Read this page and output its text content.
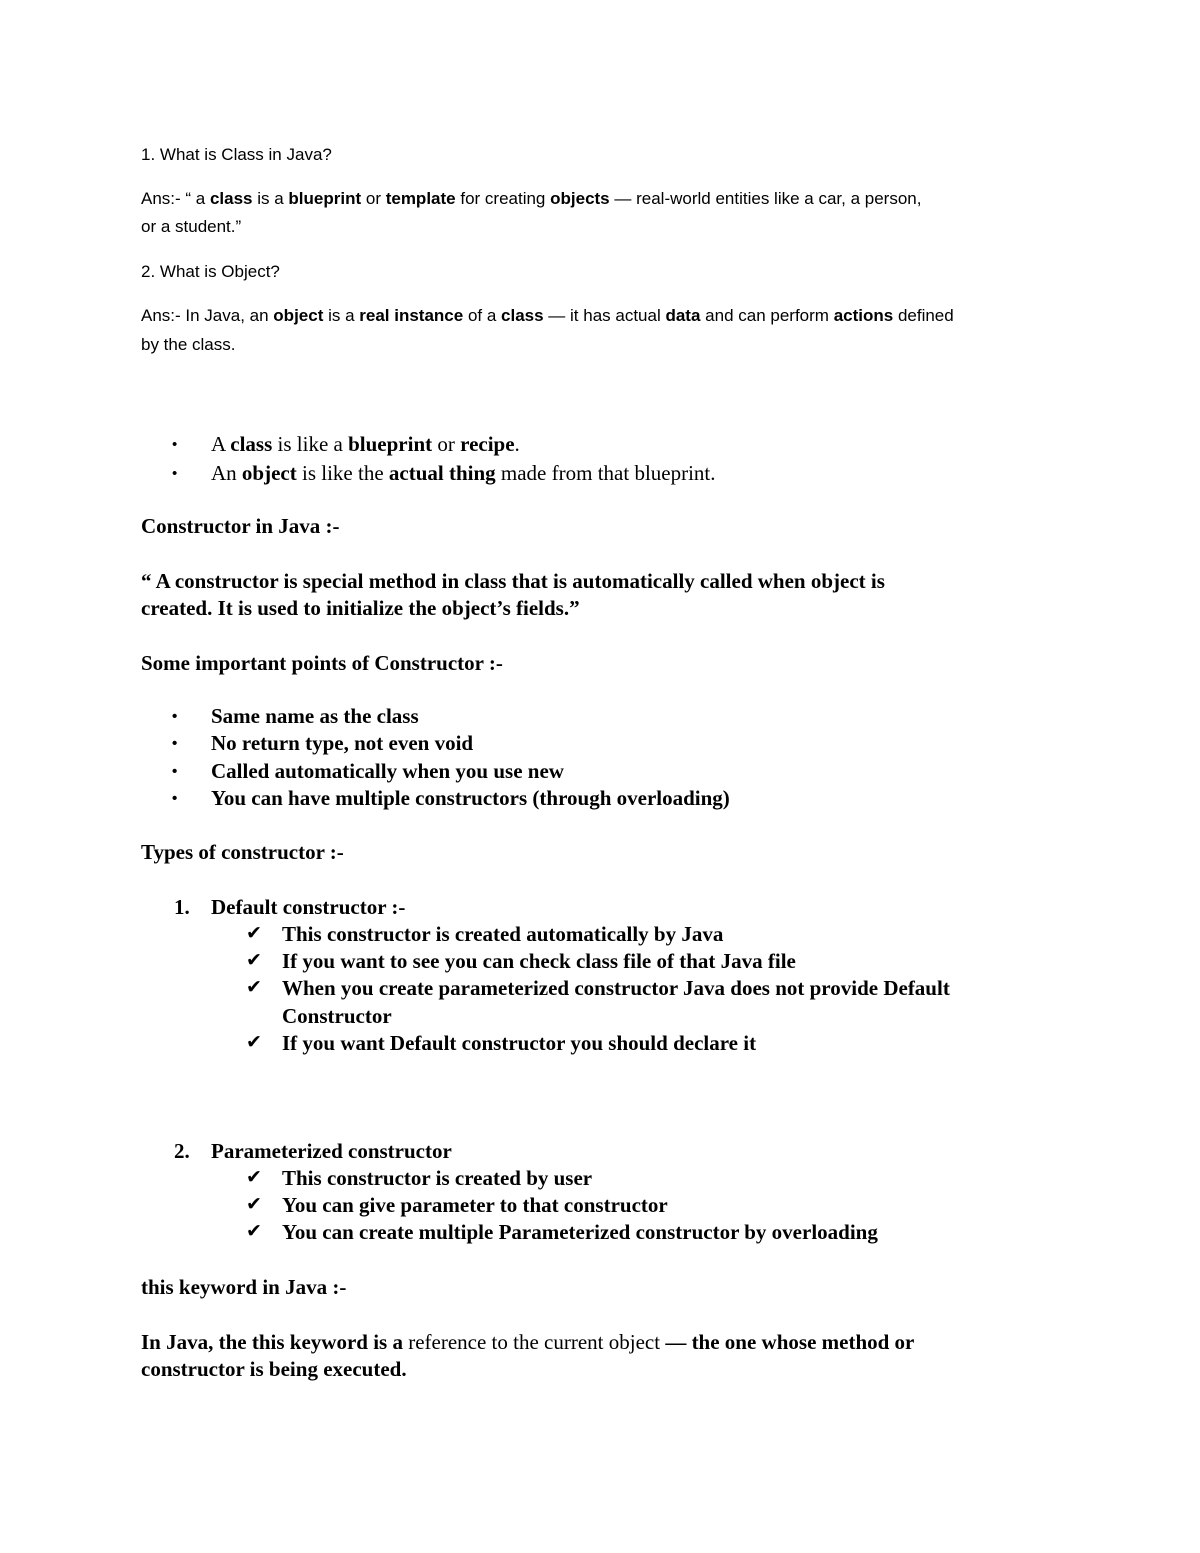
1. What is Class in Java?
Ans:- “ a class is a blueprint or template for creating objects — real-world entities like a car, a person,
or a student.”
2. What is Object?
Ans:- In Java, an object is a real instance of a class — it has actual data and can perform actions defined
by the class.
• A class is like a blueprint or recipe.
• An object is like the actual thing made from that blueprint.
Constructor in Java :-
“ A constructor is special method in class that is automatically called when object is
created. It is used to initialize the object’s fields.”
Some important points of Constructor :-
• Same name as the class
• No return type, not even void
• Called automatically when you use new
• You can have multiple constructors (through overloading)
Types of constructor :-
1. Default constructor :-
✔ This constructor is created automatically by Java
✔ If you want to see you can check class file of that Java file
✔ When you create parameterized constructor Java does not provide Default
Constructor
✔ If you want Default constructor you should declare it
2. Parameterized constructor
✔ This constructor is created by user
✔ You can give parameter to that constructor
✔ You can create multiple Parameterized constructor by overloading
this keyword in Java :-
In Java, the this keyword is a reference to the current object — the one whose method or
constructor is being executed.
